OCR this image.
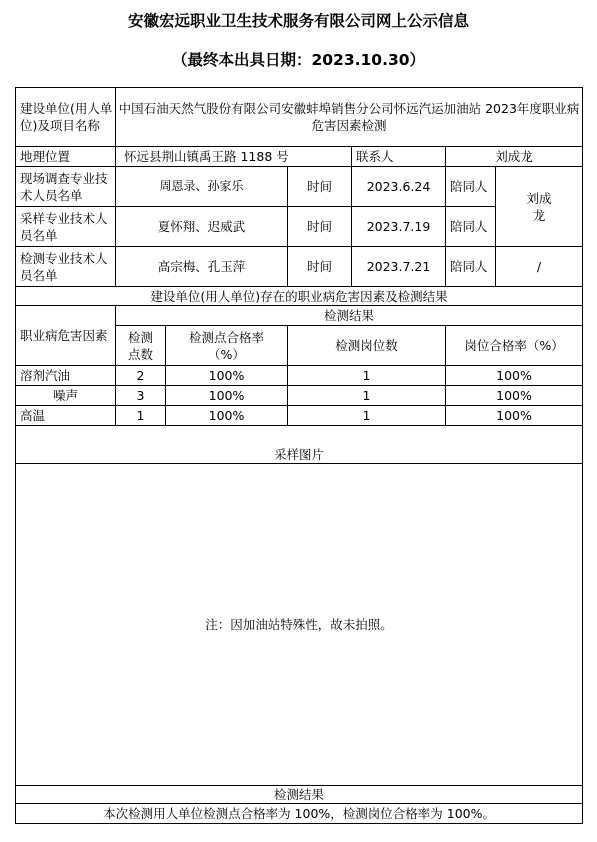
安徽宏远职业卫生技术服务有限公司网上公示信息
（最终本出具日期：2023.10.30）
建设单位(用人单位)及项目名称	中国石油天然气股份有限公司安徽蚌埠销售分公司怀远汽运加油站 2023年度职业病危害因素检测					
地理位置	怀远县荆山镇禹王路 1188 号			联系人	刘成龙	
现场调查专业技术人员名单	周恩录、孙家乐		时间	2023.6.24	陪同人	刘成龙
采样专业技术人员名单	夏怀翔、迟威武		时间	2023.7.19	陪同人	
检测专业技术人员名单	高宗梅、孔玉萍		时间	2023.7.21	陪同人	/
建设单位(用人单位)存在的职业病危害因素及检测结果						
职业病危害因素	检测结果					
	检测点数	检测点合格率（%）	检测岗位数		岗位合格率（%）	
溶剂汽油	2	100%	1		100%	
噪声	3	100%	1		100%	
高温	1	100%	1		100%	

采样图片						
注：因加油站特殊性，故未拍照。						
检测结果						
本次检测用人单位检测点合格率为 100%，检测岗位合格率为 100%。						
